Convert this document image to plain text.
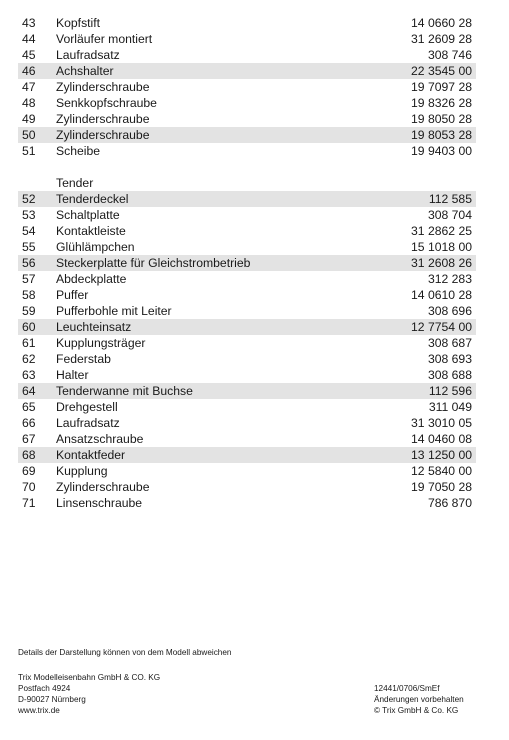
43 Kopfstift	14 0660 28
44 Vorläufer montiert	31 2609 28
45 Laufradsatz	308 746
46 Achshalter	22 3545 00
47 Zylinderschraube	19 7097 28
48 Senkkopfschraube	19 8326 28
49 Zylinderschraube	19 8050 28
50 Zylinderschraube	19 8053 28
51 Scheibe	19 9403 00
Tender
52 Tenderdeckel	112 585
53 Schaltplatte	308 704
54 Kontaktleiste	31 2862 25
55 Glühlämpchen	15 1018 00
56 Steckerplatte für Gleichstrombetrieb	31 2608 26
57 Abdeckplatte	312 283
58 Puffer	14 0610 28
59 Pufferbohle mit Leiter	308 696
60 Leuchteinsatz	12 7754 00
61 Kupplungsträger	308 687
62 Federstab	308 693
63 Halter	308 688
64 Tenderwanne mit Buchse	112 596
65 Drehgestell	311 049
66 Laufradsatz	31 3010 05
67 Ansatzschraube	14 0460 08
68 Kontaktfeder	13 1250 00
69 Kupplung	12 5840 00
70 Zylinderschraube	19 7050 28
71 Linsenschraube	786 870
Details der Darstellung können von dem Modell abweichen
Trix Modelleisenbahn GmbH & CO. KG
Postfach 4924
D-90027 Nürnberg
www.trix.de
12441/0706/SmEf
Änderungen vorbehalten
© Trix GmbH & Co. KG
